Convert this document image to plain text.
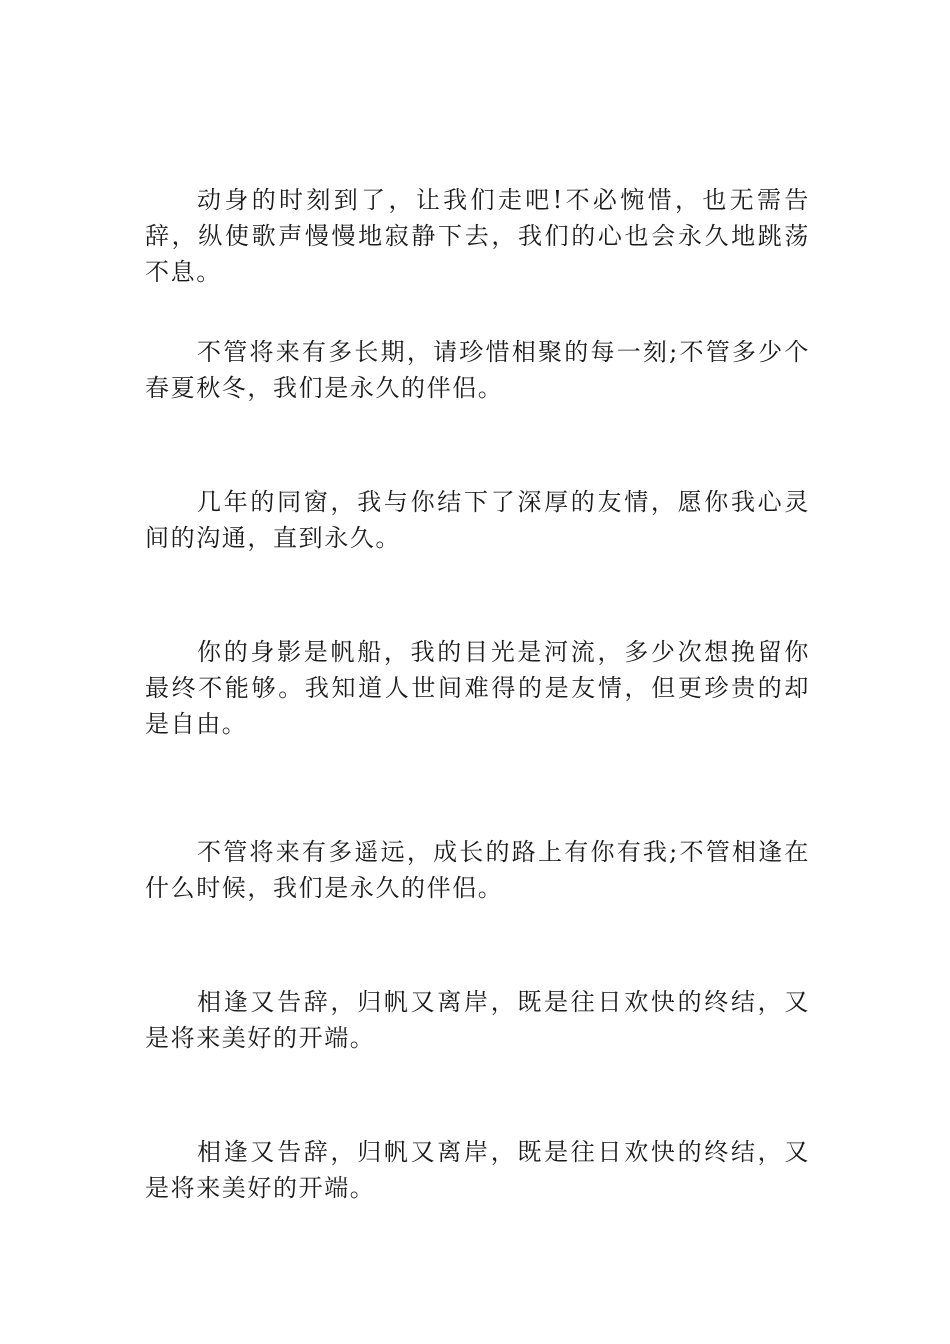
动身的时刻到了，让我们走吧!不必惋惜，也无需告辞，纵使歌声慢慢地寂静下去，我们的心也会永久地跳荡不息。

不管将来有多长期，请珍惜相聚的每一刻;不管多少个春夏秋冬，我们是永久的伴侣。

几年的同窗，我与你结下了深厚的友情，愿你我心灵间的沟通，直到永久。

你的身影是帆船，我的目光是河流，多少次想挽留你最终不能够。我知道人世间难得的是友情，但更珍贵的却是自由。

不管将来有多遥远，成长的路上有你有我;不管相逢在什么时候，我们是永久的伴侣。

相逢又告辞，归帆又离岸，既是往日欢快的终结，又是将来美好的开端。

相逢又告辞，归帆又离岸，既是往日欢快的终结，又是将来美好的开端。
